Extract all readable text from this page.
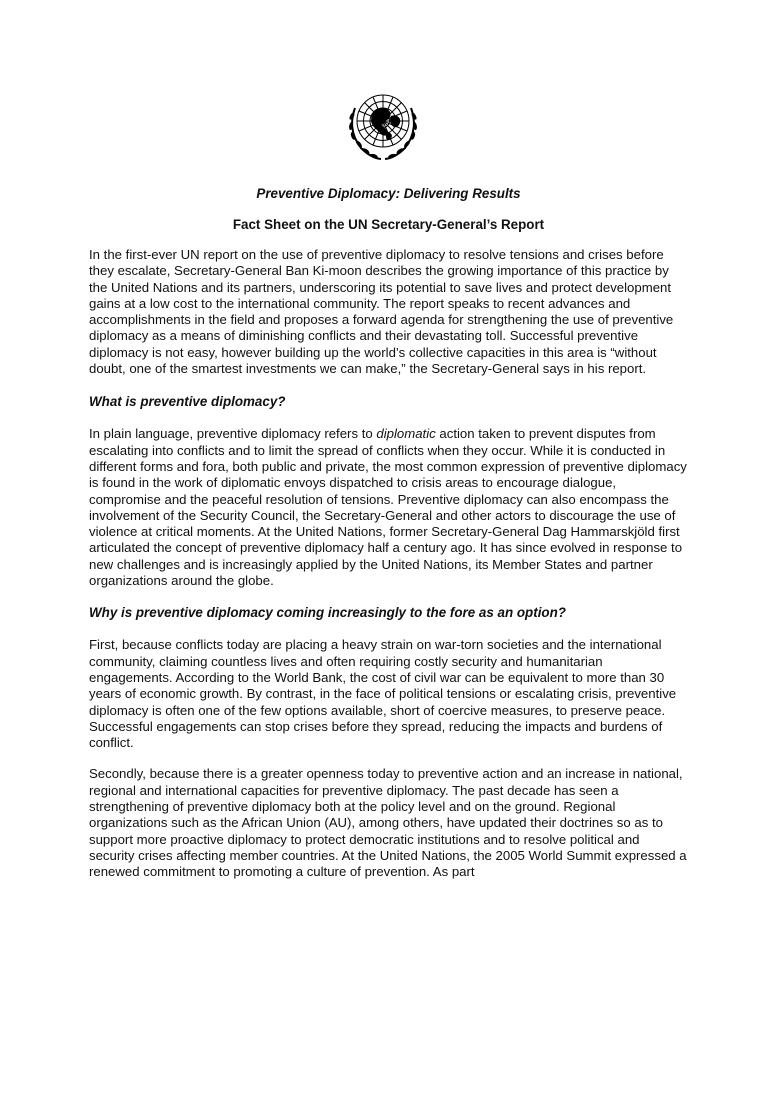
Preventive Diplomacy: Delivering Results
Fact Sheet on the UN Secretary-General’s Report

In the first-ever UN report on the use of preventive diplomacy to resolve tensions and crises before they escalate, Secretary-General Ban Ki-moon describes the growing importance of this practice by the United Nations and its partners, underscoring its potential to save lives and protect development gains at a low cost to the international community. The report speaks to recent advances and accomplishments in the field and proposes a forward agenda for strengthening the use of preventive diplomacy as a means of diminishing conflicts and their devastating toll. Successful preventive diplomacy is not easy, however building up the world’s collective capacities in this area is “without doubt, one of the smartest investments we can make,” the Secretary-General says in his report.

What is preventive diplomacy?

In plain language, preventive diplomacy refers to diplomatic action taken to prevent disputes from escalating into conflicts and to limit the spread of conflicts when they occur. While it is conducted in different forms and fora, both public and private, the most common expression of preventive diplomacy is found in the work of diplomatic envoys dispatched to crisis areas to encourage dialogue, compromise and the peaceful resolution of tensions. Preventive diplomacy can also encompass the involvement of the Security Council, the Secretary-General and other actors to discourage the use of violence at critical moments. At the United Nations, former Secretary-General Dag Hammarskjöld first articulated the concept of preventive diplomacy half a century ago. It has since evolved in response to new challenges and is increasingly applied by the United Nations, its Member States and partner organizations around the globe.

Why is preventive diplomacy coming increasingly to the fore as an option?

First, because conflicts today are placing a heavy strain on war-torn societies and the international community, claiming countless lives and often requiring costly security and humanitarian engagements. According to the World Bank, the cost of civil war can be equivalent to more than 30 years of economic growth. By contrast, in the face of political tensions or escalating crisis, preventive diplomacy is often one of the few options available, short of coercive measures, to preserve peace. Successful engagements can stop crises before they spread, reducing the impacts and burdens of conflict.

Secondly, because there is a greater openness today to preventive action and an increase in national, regional and international capacities for preventive diplomacy. The past decade has seen a strengthening of preventive diplomacy both at the policy level and on the ground. Regional organizations such as the African Union (AU), among others, have updated their doctrines so as to support more proactive diplomacy to protect democratic institutions and to resolve political and security crises affecting member countries. At the United Nations, the 2005 World Summit expressed a renewed commitment to promoting a culture of prevention. As part
